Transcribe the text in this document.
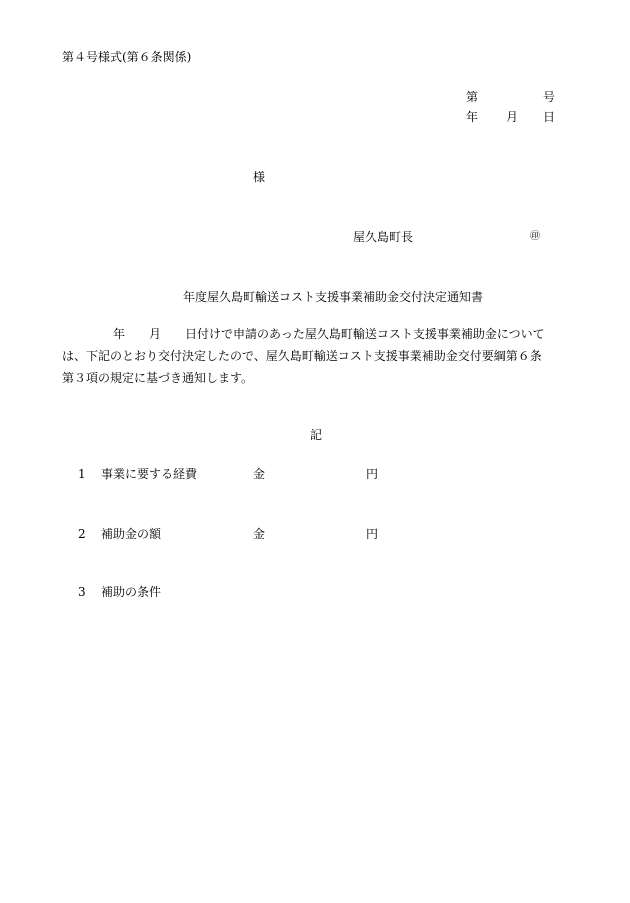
第４号様式(第６条関係)
第	号
年 月 日
様
屋久島町長	㊞
年度屋久島町輸送コスト支援事業補助金交付決定通知書
年 月 日付けで申請のあった屋久島町輸送コスト支援事業補助金について
は、下記のとおり交付決定したので、屋久島町輸送コスト支援事業補助金交付要綱第６条
第３項の規定に基づき通知します。
記
1 事業に要する経費	金	円
2 補助金の額	金	円
3 補助の条件
